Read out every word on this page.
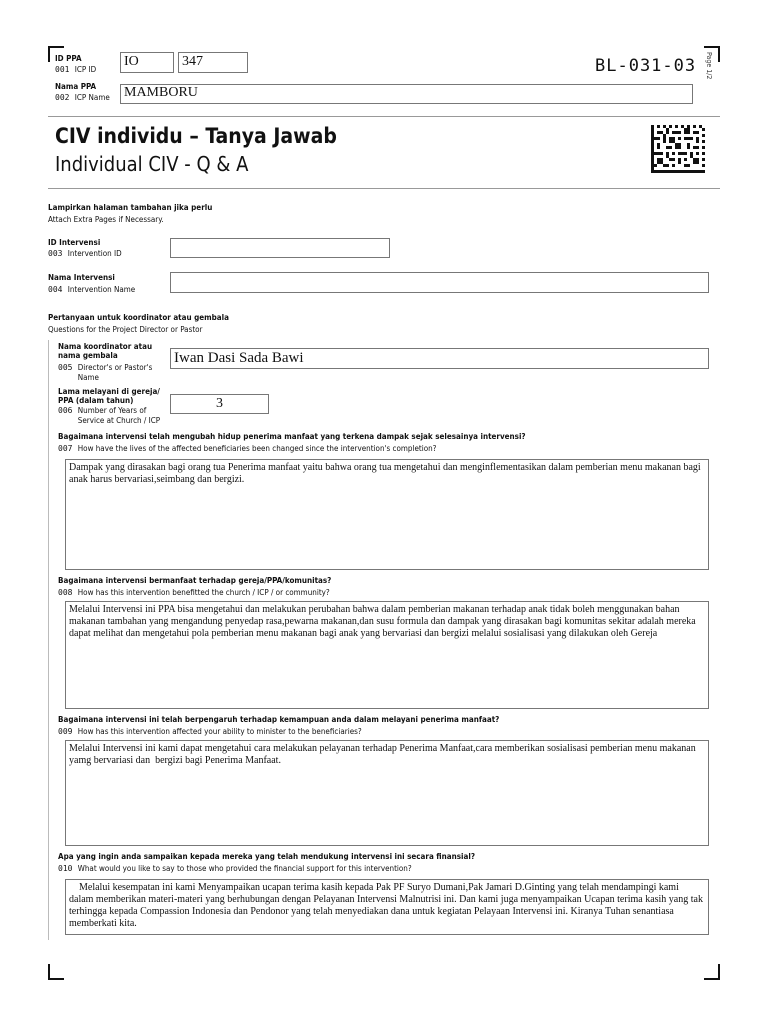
ID PPA
001 ICP ID
IO	347
Nama PPA
002 ICP Name MAMBORU
BL-031-03 Page 1/2
CIV individu – Tanya Jawab
Individual CIV - Q & A
Lampirkan halaman tambahan jika perlu
Attach Extra Pages if Necessary.
ID Intervensi
003 Intervention ID
Nama Intervensi
004 Intervention Name
Pertanyaan untuk koordinator atau gembala
Questions for the Project Director or Pastor
Nama koordinator atau
nama gembala
005 Director's or Pastor's
Name
Iwan Dasi Sada Bawi
Lama melayani di gereja/
PPA (dalam tahun)
006 Number of Years of
Service at Church / ICP
3
Bagaimana intervensi telah mengubah hidup penerima manfaat yang terkena dampak sejak selesainya intervensi?
007 How have the lives of the affected beneficiaries been changed since the intervention's completion?
Dampak yang dirasakan bagi orang tua Penerima manfaat yaitu bahwa orang tua mengetahui dan menginflementasikan dalam pemberian menu makanan bagi anak harus bervariasi,seimbang dan bergizi.
Bagaimana intervensi bermanfaat terhadap gereja/PPA/komunitas?
008 How has this intervention benefitted the church / ICP / or community?
Melalui Intervensi ini PPA bisa mengetahui dan melakukan perubahan bahwa dalam pemberian makanan terhadap anak tidak boleh menggunakan bahan makanan tambahan yang mengandung penyedap rasa,pewarna makanan,dan susu formula dan dampak yang dirasakan bagi komunitas sekitar adalah mereka dapat melihat dan mengetahui pola pemberian menu makanan bagi anak yang bervariasi dan bergizi melalui sosialisasi yang dilakukan oleh Gereja
Bagaimana intervensi ini telah berpengaruh terhadap kemampuan anda dalam melayani penerima manfaat?
009 How has this intervention affected your ability to minister to the beneficiaries?
Melalui Intervensi ini kami dapat mengetahui cara melakukan pelayanan terhadap Penerima Manfaat,cara memberikan sosialisasi pemberian menu makanan  yamg bervariasi dan  bergizi bagi Penerima Manfaat.
Apa yang ingin anda sampaikan kepada mereka yang telah mendukung intervensi ini secara finansial?
010 What would you like to say to those who provided the financial support for this intervention?
Melalui kesempatan ini kami Menyampaikan ucapan terima kasih kepada Pak PF Suryo Dumani,Pak Jamari D.Ginting yang telah mendampingi kami dalam memberikan materi-materi yang berhubungan dengan Pelayanan Intervensi Malnutrisi ini. Dan kami juga menyampaikan Ucapan terima kasih yang tak terhingga kepada Compassion Indonesia dan Pendonor yang telah menyediakan dana untuk kegiatan Pelayaan Intervensi ini. Kiranya Tuhan senantiasa memberkati kita.
